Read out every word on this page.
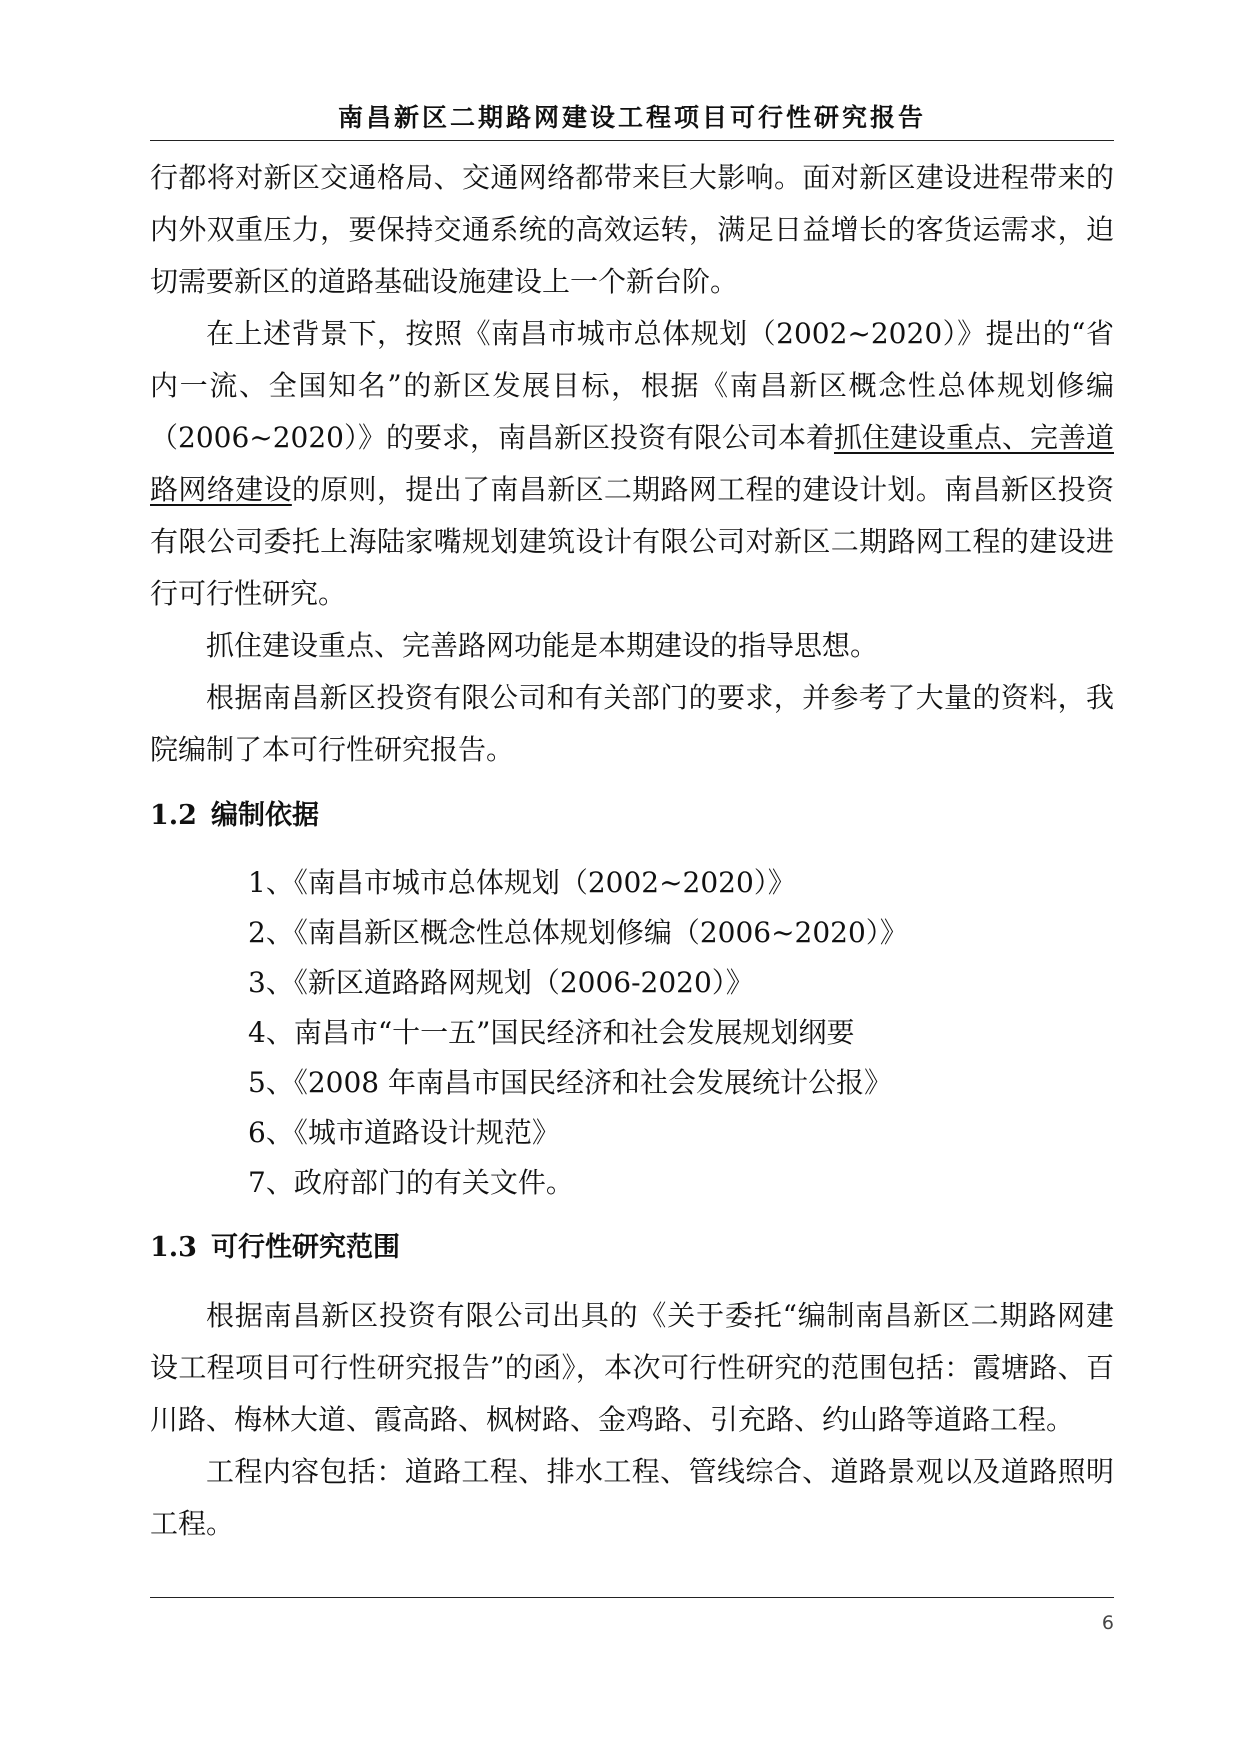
南昌新区二期路网建设工程项目可行性研究报告

行都将对新区交通格局、交通网络都带来巨大影响。面对新区建设进程带来的内外双重压力，要保持交通系统的高效运转，满足日益增长的客货运需求，迫切需要新区的道路基础设施建设上一个新台阶。

在上述背景下，按照《南昌市城市总体规划（2002~2020）》提出的“省内一流、全国知名”的新区发展目标，根据《南昌新区概念性总体规划修编（2006~2020）》的要求，南昌新区投资有限公司本着抓住建设重点、完善道路网络建设的原则，提出了南昌新区二期路网工程的建设计划。南昌新区投资有限公司委托上海陆家嘴规划建筑设计有限公司对新区二期路网工程的建设进行可行性研究。

抓住建设重点、完善路网功能是本期建设的指导思想。

根据南昌新区投资有限公司和有关部门的要求，并参考了大量的资料，我院编制了本可行性研究报告。

1.2 编制依据
1、《南昌市城市总体规划（2002~2020）》
2、《南昌新区概念性总体规划修编（2006~2020）》
3、《新区道路路网规划（2006-2020）》
4、南昌市“十一五”国民经济和社会发展规划纲要
5、《2008 年南昌市国民经济和社会发展统计公报》
6、《城市道路设计规范》
7、政府部门的有关文件。
1.3 可行性研究范围

根据南昌新区投资有限公司出具的《关于委托“编制南昌新区二期路网建设工程项目可行性研究报告”的函》，本次可行性研究的范围包括：霞塘路、百川路、梅林大道、霞高路、枫树路、金鸡路、引充路、约山路等道路工程。

工程内容包括：道路工程、排水工程、管线综合、道路景观以及道路照明工程。

6
